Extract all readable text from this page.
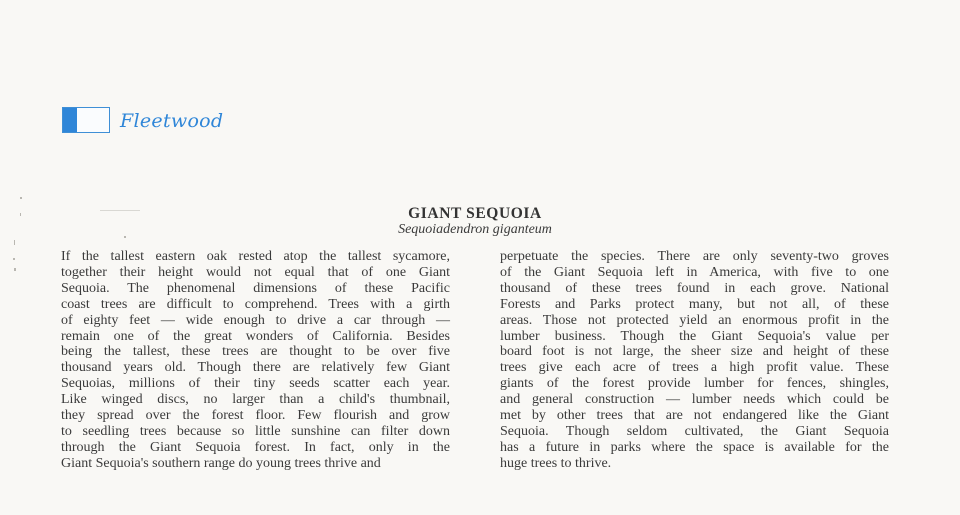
Fleetwood
GIANT SEQUOIA
Sequoiadendron giganteum
If the tallest eastern oak rested atop the tallest sycamore,
together their height would not equal that of one Giant
Sequoia. The phenomenal dimensions of these Pacific
coast trees are difficult to comprehend. Trees with a girth
of eighty feet — wide enough to drive a car through —
remain one of the great wonders of California. Besides
being the tallest, these trees are thought to be over five
thousand years old. Though there are relatively few Giant
Sequoias, millions of their tiny seeds scatter each year.
Like winged discs, no larger than a child's thumbnail,
they spread over the forest floor. Few flourish and grow
to seedling trees because so little sunshine can filter down
through the Giant Sequoia forest. In fact, only in the
Giant Sequoia's southern range do young trees thrive and
perpetuate the species. There are only seventy-two groves
of the Giant Sequoia left in America, with five to one
thousand of these trees found in each grove. National
Forests and Parks protect many, but not all, of these
areas. Those not protected yield an enormous profit in the
lumber business. Though the Giant Sequoia's value per
board foot is not large, the sheer size and height of these
trees give each acre of trees a high profit value. These
giants of the forest provide lumber for fences, shingles,
and general construction — lumber needs which could be
met by other trees that are not endangered like the Giant
Sequoia. Though seldom cultivated, the Giant Sequoia
has a future in parks where the space is available for the
huge trees to thrive.
